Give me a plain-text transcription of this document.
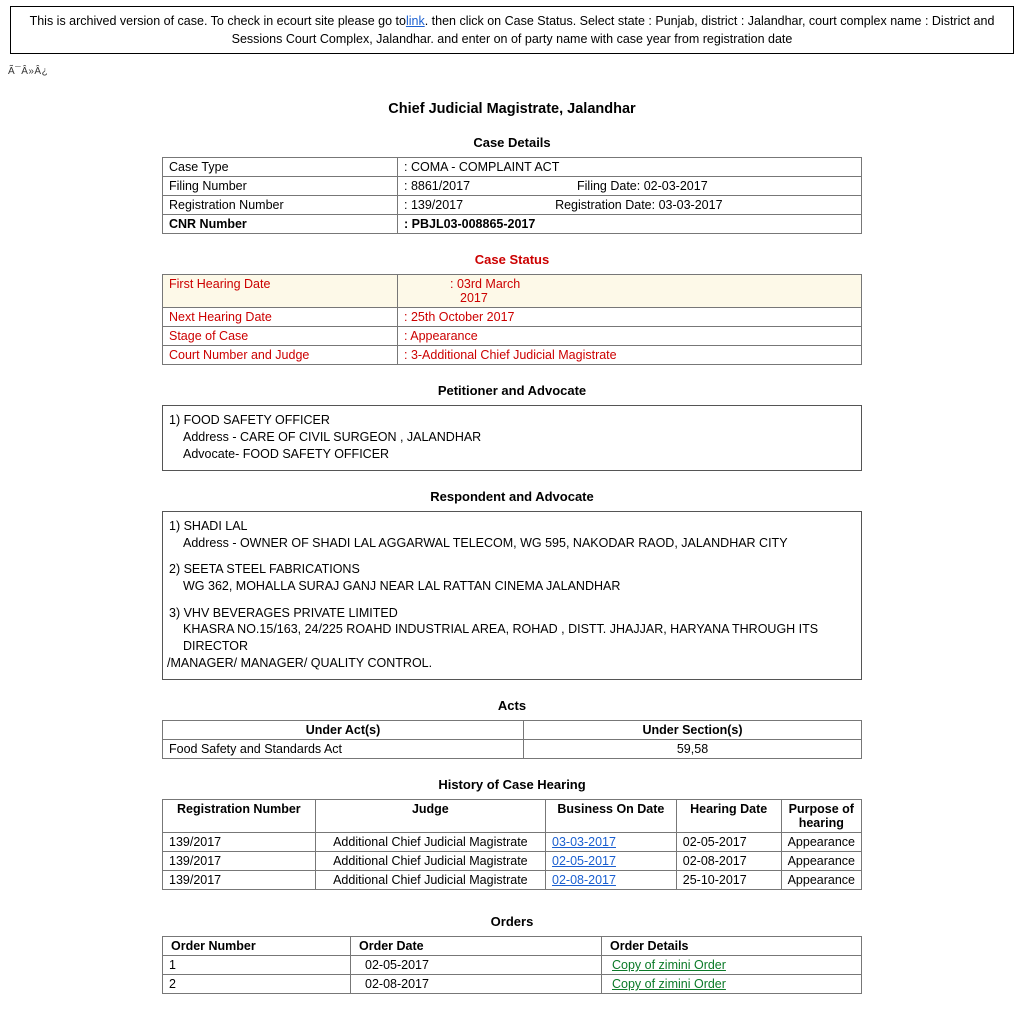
This is archived version of case. To check in ecourt site please go tolink. then click on Case Status. Select state : Punjab, district : Jalandhar, court complex name : District and Sessions Court Complex, Jalandhar. and enter on of party name with case year from registration date
Ã¯Â»Â¿
Chief Judicial Magistrate, Jalandhar
Case Details
Case Type	: COMA - COMPLAINT ACT
Filing Number	: 8861/2017 Filing Date: 02-03-2017
Registration Number	: 139/2017 Registration Date: 03-03-2017
CNR Number	: PBJL03-008865-2017
Case Status
First Hearing Date	: 03rd March
2017

Next Hearing Date	: 25th October 2017
Stage of Case	: Appearance
Court Number and Judge	: 3-Additional Chief Judicial Magistrate
Petitioner and Advocate
1) FOOD SAFETY OFFICER
Address - CARE OF CIVIL SURGEON , JALANDHAR
Advocate- FOOD SAFETY OFFICER
Respondent and Advocate
1) SHADI LAL
Address - OWNER OF SHADI LAL AGGARWAL TELECOM, WG 595, NAKODAR RAOD, JALANDHAR CITY
2) SEETA STEEL FABRICATIONS
WG 362, MOHALLA SURAJ GANJ NEAR LAL RATTAN CINEMA JALANDHAR
3) VHV BEVERAGES PRIVATE LIMITED
KHASRA NO.15/163, 24/225 ROAHD INDUSTRIAL AREA, ROHAD , DISTT. JHAJJAR, HARYANA THROUGH ITS DIRECTOR
/MANAGER/ MANAGER/ QUALITY CONTROL.
Acts
Under Act(s)	Under Section(s)
Food Safety and Standards Act	59,58
History of Case Hearing
Registration Number	Judge	Business On Date	Hearing Date	Purpose of hearing
139/2017	Additional Chief Judicial Magistrate	03-03-2017	02-05-2017	Appearance
139/2017	Additional Chief Judicial Magistrate	02-05-2017	02-08-2017	Appearance
139/2017	Additional Chief Judicial Magistrate	02-08-2017	25-10-2017	Appearance
Orders
Order Number	Order Date	Order Details
1	02-05-2017	Copy of zimini Order
2	02-08-2017	Copy of zimini Order
